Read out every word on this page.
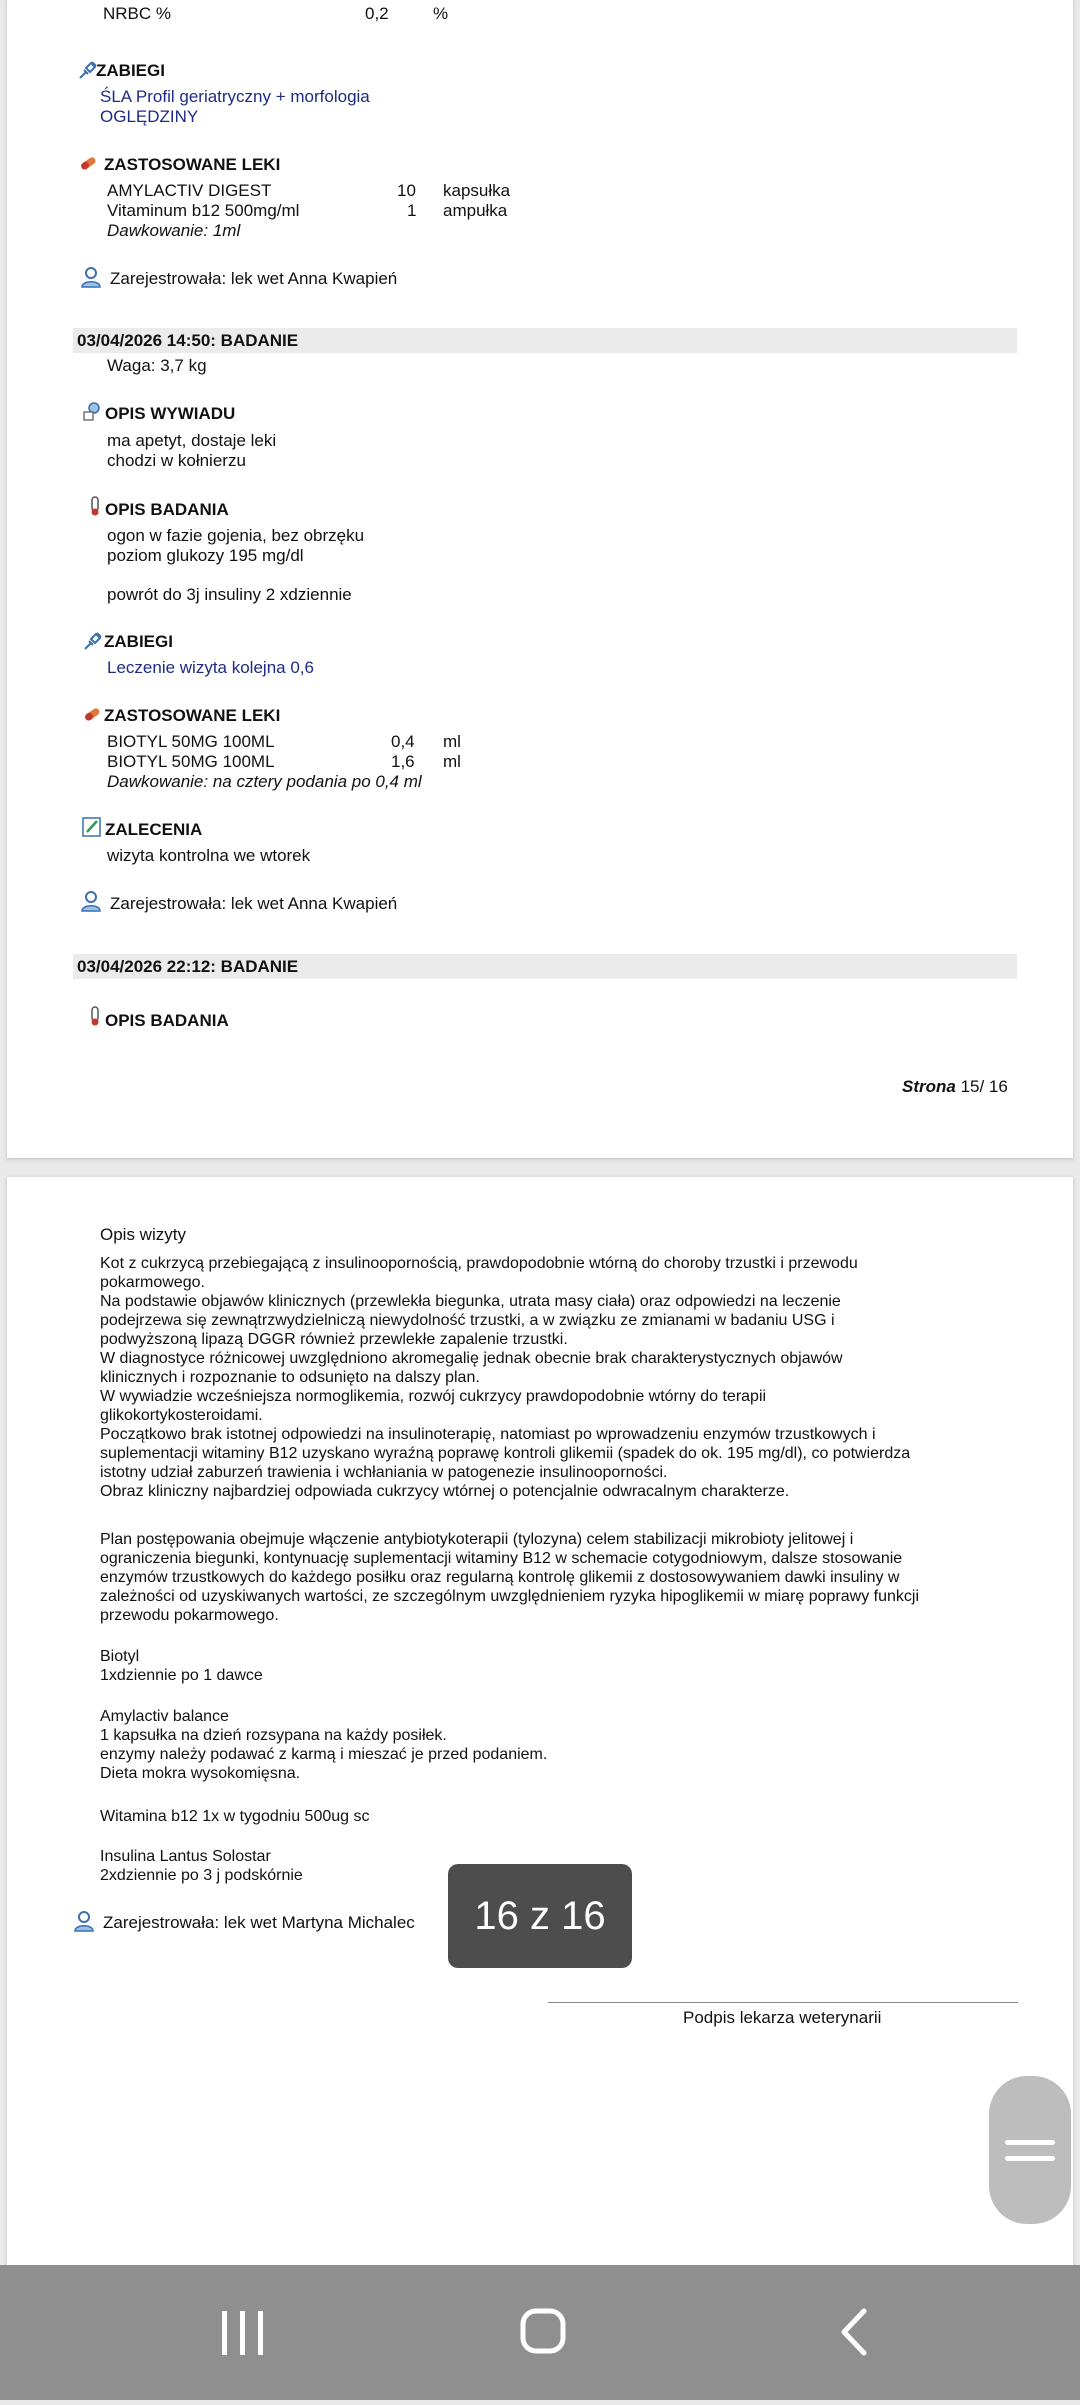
NRBC %	0,2	%
ZABIEGI
ŚLA Profil geriatryczny + morfologia
OGLĘDZINY
ZASTOSOWANE LEKI
AMYLACTIV DIGEST	10 kapsułka
Vitaminum b12 500mg/ml	1 ampułka
Dawkowanie: 1ml
Zarejestrowała: lek wet Anna Kwapień
03/04/2026 14:50: BADANIE
Waga: 3,7 kg
OPIS WYWIADU
ma apetyt, dostaje leki
chodzi w kołnierzu
OPIS BADANIA
ogon w fazie gojenia, bez obrzęku
poziom glukozy 195 mg/dl
powrót do 3j insuliny 2 xdziennie
ZABIEGI
Leczenie wizyta kolejna 0,6
ZASTOSOWANE LEKI
BIOTYL 50MG 100ML	0,4 ml
BIOTYL 50MG 100ML	1,6 ml
Dawkowanie: na cztery podania po 0,4 ml
ZALECENIA
wizyta kontrolna we wtorek
Zarejestrowała: lek wet Anna Kwapień
03/04/2026 22:12: BADANIE
OPIS BADANIA
Strona 15/ 16
Opis wizyty
Kot z cukrzycą przebiegającą z insulinoopornością, prawdopodobnie wtórną do choroby trzustki i przewodu
pokarmowego.
Na podstawie objawów klinicznych (przewlekła biegunka, utrata masy ciała) oraz odpowiedzi na leczenie
podejrzewa się zewnątrzwydzielniczą niewydolność trzustki, a w związku ze zmianami w badaniu USG i
podwyższoną lipazą DGGR również przewlekłe zapalenie trzustki.
W diagnostyce różnicowej uwzględniono akromegalię jednak obecnie brak charakterystycznych objawów
klinicznych i rozpoznanie to odsunięto na dalszy plan.
W wywiadzie wcześniejsza normoglikemia, rozwój cukrzycy prawdopodobnie wtórny do terapii
glikokortykosteroidami.
Początkowo brak istotnej odpowiedzi na insulinoterapię, natomiast po wprowadzeniu enzymów trzustkowych i
suplementacji witaminy B12 uzyskano wyraźną poprawę kontroli glikemii (spadek do ok. 195 mg/dl), co potwierdza
istotny udział zaburzeń trawienia i wchłaniania w patogenezie insulinooporności.
Obraz kliniczny najbardziej odpowiada cukrzycy wtórnej o potencjalnie odwracalnym charakterze.
Plan postępowania obejmuje włączenie antybiotykoterapii (tylozyna) celem stabilizacji mikrobioty jelitowej i
ograniczenia biegunki, kontynuację suplementacji witaminy B12 w schemacie cotygodniowym, dalsze stosowanie
enzymów trzustkowych do każdego posiłku oraz regularną kontrolę glikemii z dostosowywaniem dawki insuliny w
zależności od uzyskiwanych wartości, ze szczególnym uwzględnieniem ryzyka hipoglikemii w miarę poprawy funkcji
przewodu pokarmowego.
Biotyl
1xdziennie po 1 dawce
Amylactiv balance
1 kapsułka na dzień rozsypana na każdy posiłek.
enzymy należy podawać z karmą i mieszać je przed podaniem.
Dieta mokra wysokomięsna.
Witamina b12 1x w tygodniu 500ug sc
Insulina Lantus Solostar
2xdziennie po 3 j podskórnie
Zarejestrowała: lek wet Martyna Michalec
Podpis lekarza weterynarii
16 z 16
